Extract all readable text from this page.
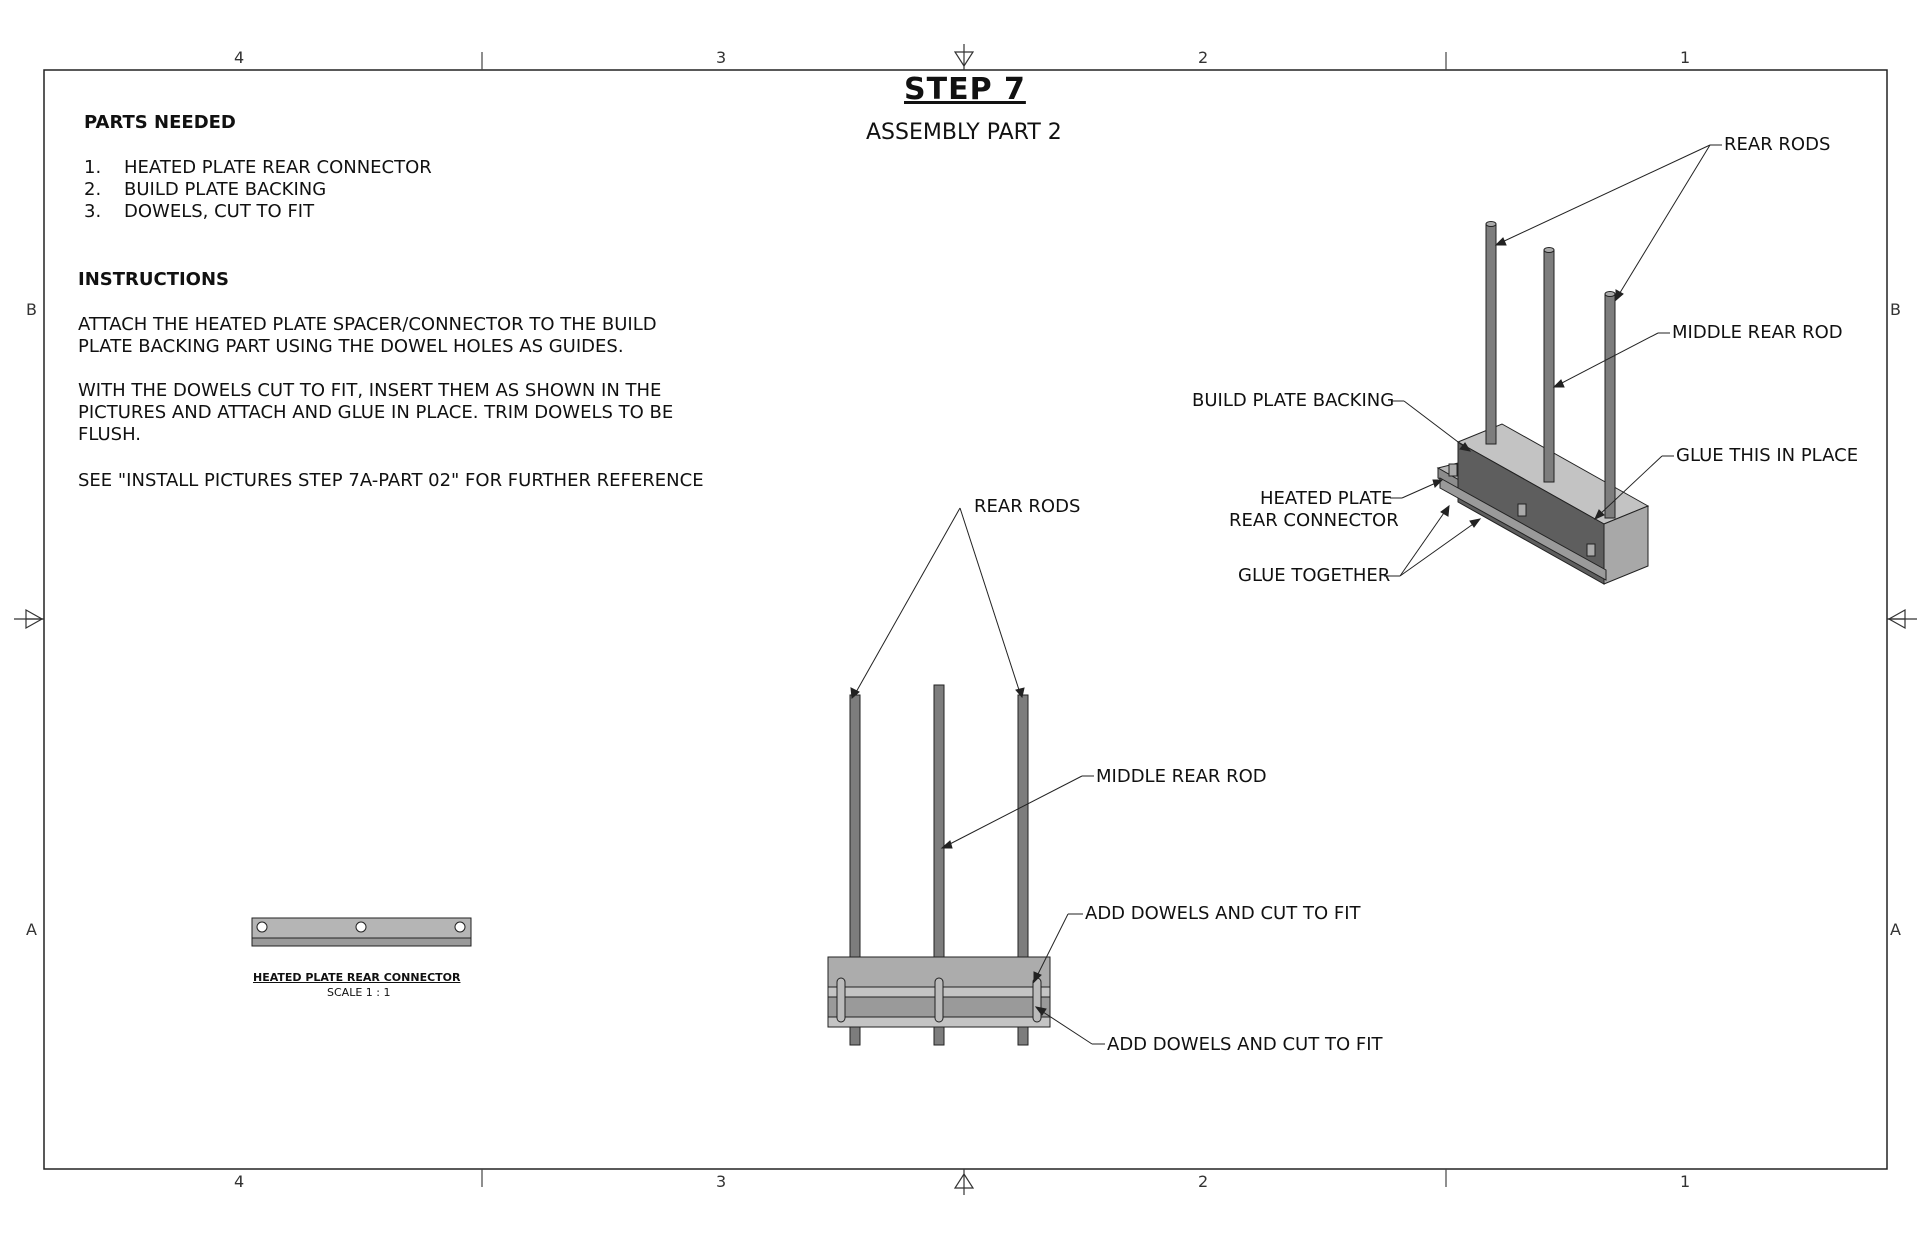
4	3	2	1
4	3	2	1
B	B
A	A
STEP 7
ASSEMBLY PART 2
PARTS NEEDED
1. HEATED PLATE REAR CONNECTOR
2. BUILD PLATE BACKING
3. DOWELS, CUT TO FIT
INSTRUCTIONS
ATTACH THE HEATED PLATE SPACER/CONNECTOR TO THE BUILD PLATE BACKING PART USING THE DOWEL HOLES AS GUIDES.
WITH THE DOWELS CUT TO FIT, INSERT THEM AS SHOWN IN THE PICTURES AND ATTACH AND GLUE IN PLACE. TRIM DOWELS TO BE FLUSH.
SEE "INSTALL PICTURES STEP 7A-PART 02" FOR FURTHER REFERENCE
HEATED PLATE REAR CONNECTOR
SCALE 1 : 1
REAR RODS
MIDDLE REAR ROD
ADD DOWELS AND CUT TO FIT
ADD DOWELS AND CUT TO FIT
REAR RODS
MIDDLE REAR ROD
BUILD PLATE BACKING
GLUE THIS IN PLACE
HEATED PLATE
REAR CONNECTOR
GLUE TOGETHER
